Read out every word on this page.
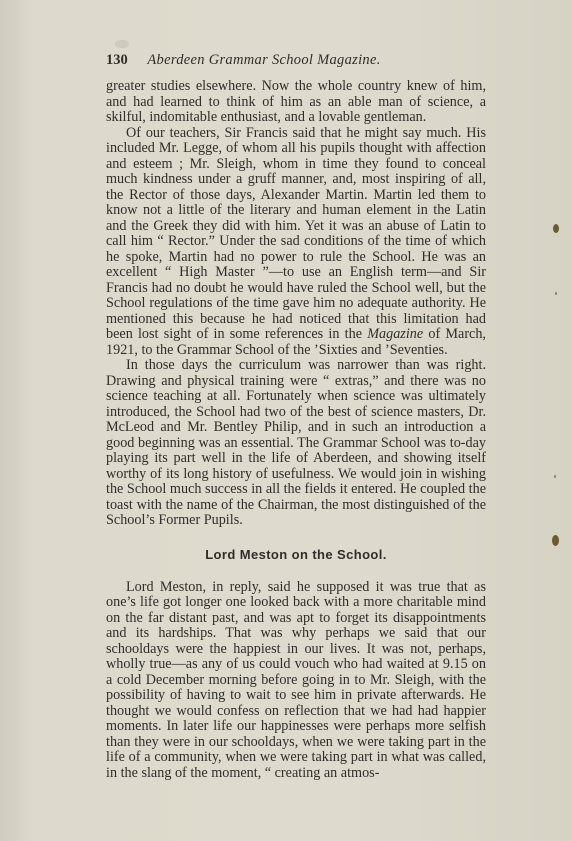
130 Aberdeen Grammar School Magazine.

greater studies elsewhere. Now the whole country knew of him, and had learned to think of him as an able man of science, a skilful, indomitable enthusiast, and a lovable gentleman.

Of our teachers, Sir Francis said that he might say much. His included Mr. Legge, of whom all his pupils thought with affection and esteem ; Mr. Sleigh, whom in time they found to conceal much kindness under a gruff manner, and, most inspiring of all, the Rector of those days, Alexander Martin. Martin led them to know not a little of the literary and human element in the Latin and the Greek they did with him. Yet it was an abuse of Latin to call him “ Rector.” Under the sad conditions of the time of which he spoke, Martin had no power to rule the School. He was an excellent “ High Master ”—to use an English term—and Sir Francis had no doubt he would have ruled the School well, but the School regulations of the time gave him no adequate authority. He mentioned this because he had noticed that this limitation had been lost sight of in some references in the Magazine of March, 1921, to the Grammar School of the ’Sixties and ’Seventies.

In those days the curriculum was narrower than was right. Drawing and physical training were “ extras,” and there was no science teaching at all. Fortunately when science was ultimately introduced, the School had two of the best of science masters, Dr. McLeod and Mr. Bentley Philip, and in such an introduction a good beginning was an essential. The Grammar School was to-day playing its part well in the life of Aberdeen, and showing itself worthy of its long history of usefulness. We would join in wishing the School much success in all the fields it entered. He coupled the toast with the name of the Chairman, the most distinguished of the School’s Former Pupils.

Lord Meston on the School.

Lord Meston, in reply, said he supposed it was true that as one’s life got longer one looked back with a more charitable mind on the far distant past, and was apt to forget its disappointments and its hardships. That was why perhaps we said that our schooldays were the happiest in our lives. It was not, perhaps, wholly true—as any of us could vouch who had waited at 9.15 on a cold December morning before going in to Mr. Sleigh, with the possibility of having to wait to see him in private afterwards. He thought we would confess on reflection that we had had happier moments. In later life our happinesses were perhaps more selfish than they were in our schooldays, when we were taking part in the life of a community, when we were taking part in what was called, in the slang of the moment, “ creating an atmos-
